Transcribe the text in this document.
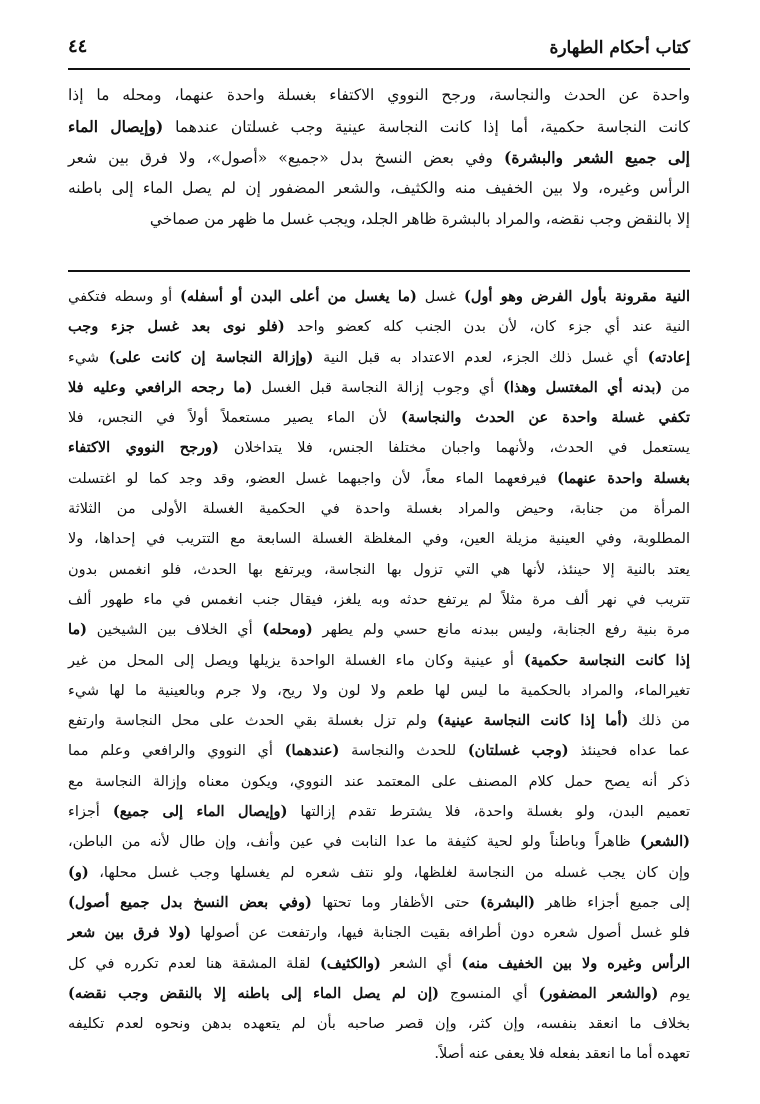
كتاب أحكام الطهارة
٤٤
واحدة عن الحدث والنجاسة، ورجح النووي الاكتفاء بغسلة واحدة عنهما، ومحله ما إذا
كانت النجاسة حكمية، أما إذا كانت النجاسة عينية وجب غسلتان عندهما (وإيصال الماء
إلى جميع الشعر والبشرة) وفي بعض النسخ بدل «جميع» «أصول»، ولا فرق بين شعر
الرأس وغيره، ولا بين الخفيف منه والكثيف، والشعر المضفور إن لم يصل الماء إلى باطنه
إلا بالنقض وجب نقضه، والمراد بالبشرة ظاهر الجلد، ويجب غسل ما ظهر من صماخي
النية مقرونة بأول الفرض وهو أول) غسل (ما يغسل من أعلى البدن أو أسفله) أو وسطه فتكفي
النية عند أي جزء كان، لأن بدن الجنب كله كعضو واحد (فلو نوى بعد غسل جزء وجب
إعادته) أي غسل ذلك الجزء، لعدم الاعتداد به قبل النية (وإزالة النجاسة إن كانت على) شيء
من (بدنه أي المغتسل وهذا) أي وجوب إزالة النجاسة قبل الغسل (ما رجحه الرافعي وعليه فلا
تكفي غسلة واحدة عن الحدث والنجاسة) لأن الماء يصير مستعملاً أولاً في النجس، فلا
يستعمل في الحدث، ولأنهما واجبان مختلفا الجنس، فلا يتداخلان (ورجح النووي الاكتفاء
بغسلة واحدة عنهما) فيرفعهما الماء معاً، لأن واجبهما غسل العضو، وقد وجد كما لو اغتسلت
المرأة من جنابة، وحيض والمراد بغسلة واحدة في الحكمية الغسلة الأولى من الثلاثة
المطلوبة، وفي العينية مزيلة العين، وفي المغلظة الغسلة السابعة مع التتريب في إحداها، ولا
يعتد بالنية إلا حينئذ، لأنها هي التي تزول بها النجاسة، ويرتفع بها الحدث، فلو انغمس بدون
تتريب في نهر ألف مرة مثلاً لم يرتفع حدثه وبه يلغز، فيقال جنب انغمس في ماء طهور ألف
مرة بنية رفع الجنابة، وليس ببدنه مانع حسي ولم يطهر (ومحله) أي الخلاف بين الشيخين (ما
إذا كانت النجاسة حكمية) أو عينية وكان ماء الغسلة الواحدة يزيلها ويصل إلى المحل من غير
تغيرالماء، والمراد بالحكمية ما ليس لها طعم ولا لون ولا ريح، ولا جرم وبالعينية ما لها شيء
من ذلك (أما إذا كانت النجاسة عينية) ولم تزل بغسلة بقي الحدث على محل النجاسة وارتفع
عما عداه فحينئذ (وجب غسلتان) للحدث والنجاسة (عندهما) أي النووي والرافعي وعلم مما
ذكر أنه يصح حمل كلام المصنف على المعتمد عند النووي، ويكون معناه وإزالة النجاسة مع
تعميم البدن، ولو بغسلة واحدة، فلا يشترط تقدم إزالتها (وإيصال الماء إلى جميع) أجزاء
(الشعر) ظاهراً وباطناً ولو لحية كثيفة ما عدا النابت في عين وأنف، وإن طال لأنه من الباطن،
وإن كان يجب غسله من النجاسة لغلظها، ولو نتف شعره لم يغسلها وجب غسل محلها، (و)
إلى جميع أجزاء ظاهر (البشرة) حتى الأظفار وما تحتها (وفي بعض النسخ بدل جميع أصول)
فلو غسل أصول شعره دون أطرافه بقيت الجنابة فيها، وارتفعت عن أصولها (ولا فرق بين شعر
الرأس وغيره ولا بين الخفيف منه) أي الشعر (والكثيف) لقلة المشقة هنا لعدم تكرره في كل
يوم (والشعر المضفور) أي المنسوج (إن لم يصل الماء إلى باطنه إلا بالنقض وجب نقضه)
بخلاف ما انعقد بنفسه، وإن كثر، وإن قصر صاحبه بأن لم يتعهده بدهن ونحوه لعدم تكليفه
تعهده أما ما انعقد بفعله فلا يعفى عنه أصلاً.
